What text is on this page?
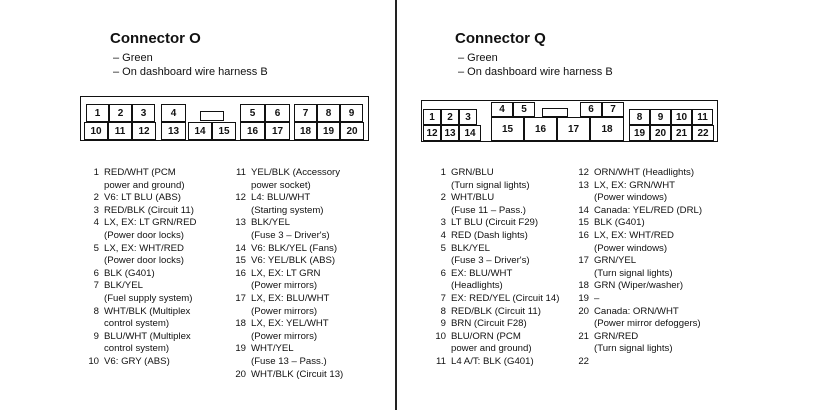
Connector O
– Green
– On dashboard wire harness B
1	2	3	4	5	6	7	8	9
10	11	12	13	14	15	16	17	18	19	20
1 RED/WHT (PCM
power and ground)
2 V6: LT BLU (ABS)
3 RED/BLK (Circuit 11)
4 LX, EX: LT GRN/RED
(Power door locks)
5 LX, EX: WHT/RED
(Power door locks)
6 BLK (G401)
7 BLK/YEL
(Fuel supply system)
8 WHT/BLK (Multiplex
control system)
9 BLU/WHT (Multiplex
control system)
10 V6: GRY (ABS)
11 YEL/BLK (Accessory
power socket)
12 L4: BLU/WHT
(Starting system)
13 BLK/YEL
(Fuse 3 – Driver's)
14 V6: BLK/YEL (Fans)
15 V6: YEL/BLK (ABS)
16 LX, EX: LT GRN
(Power mirrors)
17 LX, EX: BLU/WHT
(Power mirrors)
18 LX, EX: YEL/WHT
(Power mirrors)
19 WHT/YEL
(Fuse 13 – Pass.)
20 WHT/BLK (Circuit 13)
Connector Q
– Green
– On dashboard wire harness B
1	2	3
4	5	6	7
8	9	10	11
12 13 14	15	16	17	18	19 20 21	22
1 GRN/BLU
(Turn signal lights)
2 WHT/BLU
(Fuse 11 – Pass.)
3 LT BLU (Circuit F29)
4 RED (Dash lights)
5 BLK/YEL
(Fuse 3 – Driver's)
6 EX: BLU/WHT
(Headlights)
7 EX: RED/YEL (Circuit 14)
8 RED/BLK (Circuit 11)
9 BRN (Circuit F28)
10 BLU/ORN (PCM
power and ground)
11 L4 A/T: BLK (G401)
12 ORN/WHT (Headlights)
13 LX, EX: GRN/WHT
(Power windows)
14 Canada: YEL/RED (DRL)
15 BLK (G401)
16 LX, EX: WHT/RED
(Power windows)
17 GRN/YEL
(Turn signal lights)
18 GRN (Wiper/washer)
19 –
20 Canada: ORN/WHT
(Power mirror defoggers)
21 GRN/RED
(Turn signal lights)
22
